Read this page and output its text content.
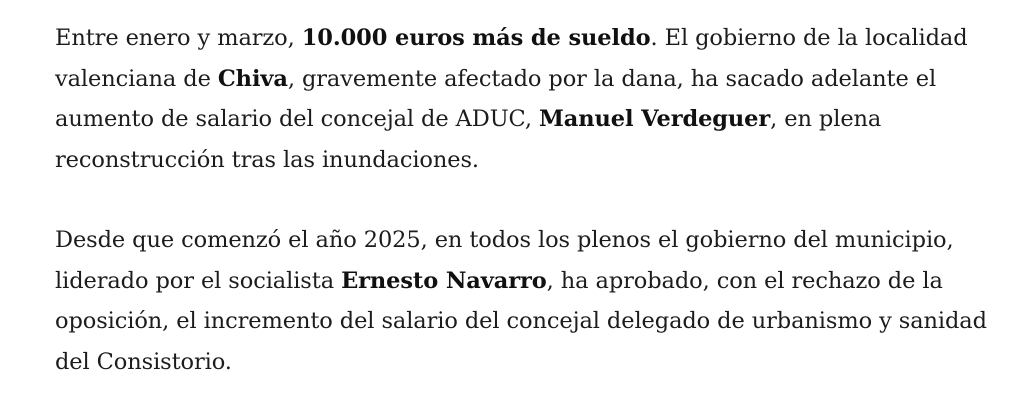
Entre enero y marzo, 10.000 euros más de sueldo. El gobierno de la localidad valenciana de Chiva, gravemente afectado por la dana, ha sacado adelante el aumento de salario del concejal de ADUC, Manuel Verdeguer, en plena reconstrucción tras las inundaciones.

Desde que comenzó el año 2025, en todos los plenos el gobierno del municipio, liderado por el socialista Ernesto Navarro, ha aprobado, con el rechazo de la oposición, el incremento del salario del concejal delegado de urbanismo y sanidad del Consistorio.
